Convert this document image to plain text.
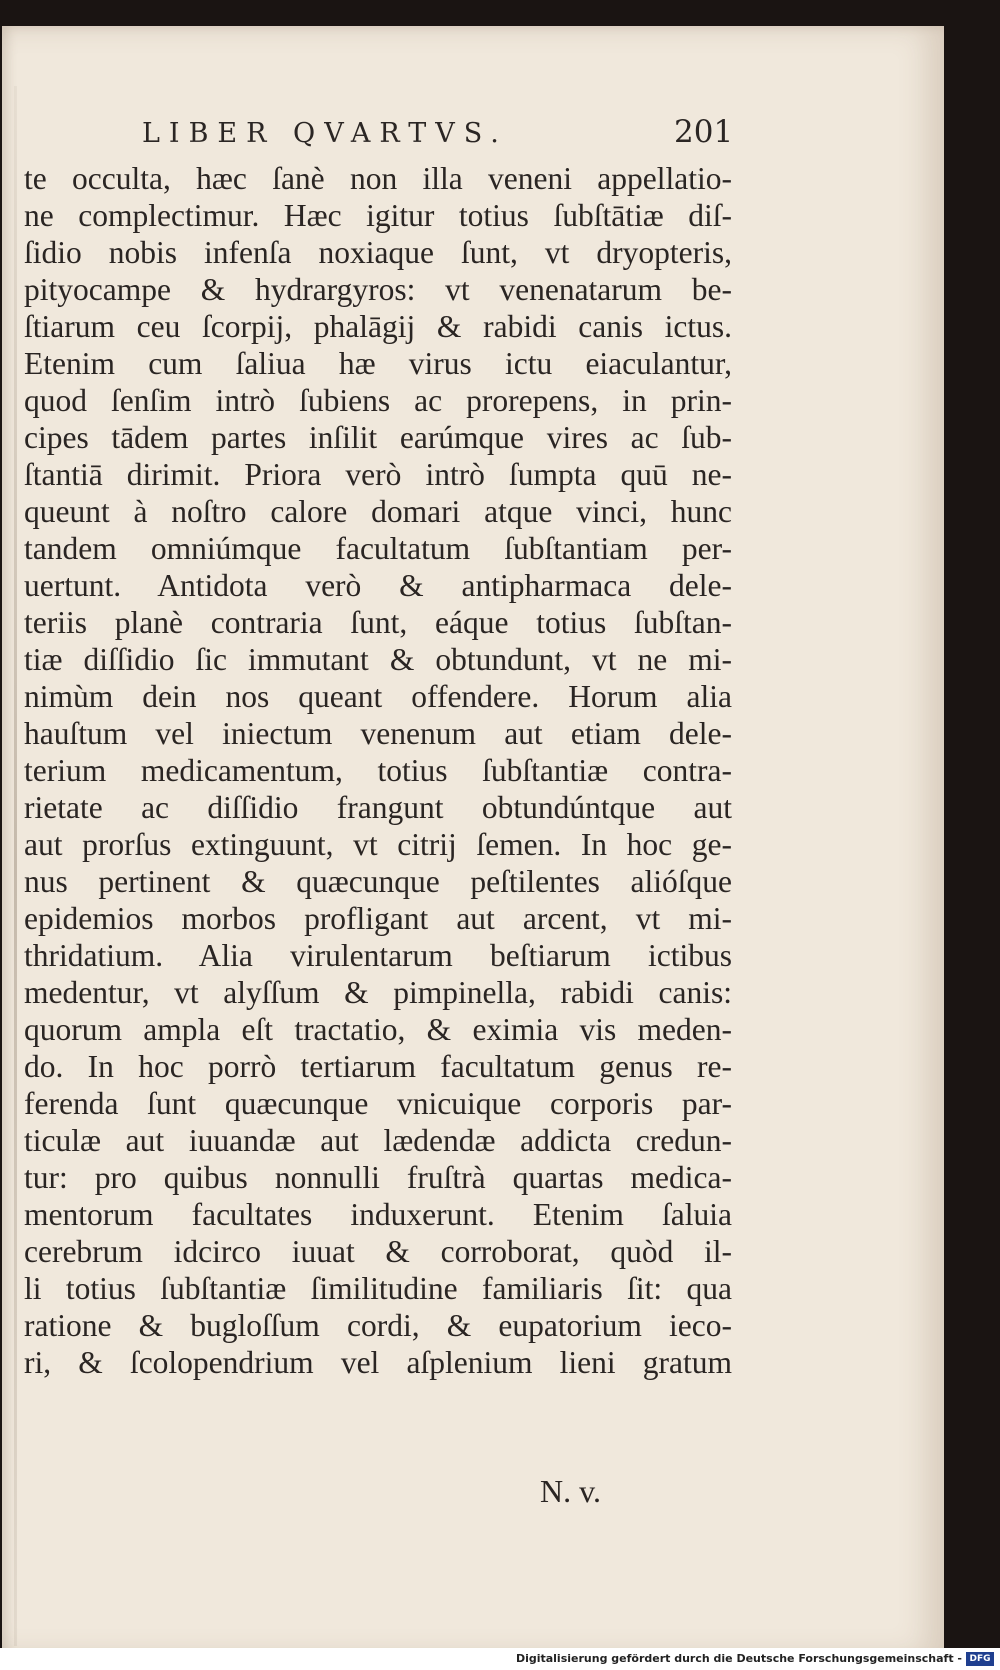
LIBER QVARTVS.	201
te occulta, hæc ſanè non illa veneni appellatio-
ne complectimur. Hæc igitur totius ſubſtātiæ diſ-
ſidio nobis infenſa noxiaque ſunt, vt dryopteris,
pityocampe & hydrargyros: vt venenatarum be-
ſtiarum ceu ſcorpij, phalāgij & rabidi canis ictus.
Etenim cum ſaliua hæ virus ictu eiaculantur,
quod ſenſim intrò ſubiens ac prorepens, in prin-
cipes tādem partes inſilit earúmque vires ac ſub-
ſtantiā dirimit. Priora verò intrò ſumpta quū ne-
queunt à noſtro calore domari atque vinci, hunc
tandem omniúmque facultatum ſubſtantiam per-
uertunt. Antidota verò & antipharmaca dele-
teriis planè contraria ſunt, eáque totius ſubſtan-
tiæ diſſidio ſic immutant & obtundunt, vt ne mi-
nimùm dein nos queant offendere. Horum alia
hauſtum vel iniectum venenum aut etiam dele-
terium medicamentum, totius ſubſtantiæ contra-
rietate ac diſſidio frangunt obtundúntque aut
aut prorſus extinguunt, vt citrij ſemen. In hoc ge-
nus pertinent & quæcunque peſtilentes alióſque
epidemios morbos profligant aut arcent, vt mi-
thridatium. Alia virulentarum beſtiarum ictibus
medentur, vt alyſſum & pimpinella, rabidi canis:
quorum ampla eſt tractatio, & eximia vis meden-
do. In hoc porrò tertiarum facultatum genus re-
ferenda ſunt quæcunque vnicuique corporis par-
ticulæ aut iuuandæ aut lædendæ addicta credun-
tur: pro quibus nonnulli fruſtrà quartas medica-
mentorum facultates induxerunt. Etenim ſaluia
cerebrum idcirco iuuat & corroborat, quòd il-
li totius ſubſtantiæ ſimilitudine familiaris ſit: qua
ratione & bugloſſum cordi, & eupatorium ieco-
ri, & ſcolopendrium vel aſplenium lieni gratum
N. v.
Digitalisierung gefördert durch die Deutsche Forschungsgemeinschaft - DFG
